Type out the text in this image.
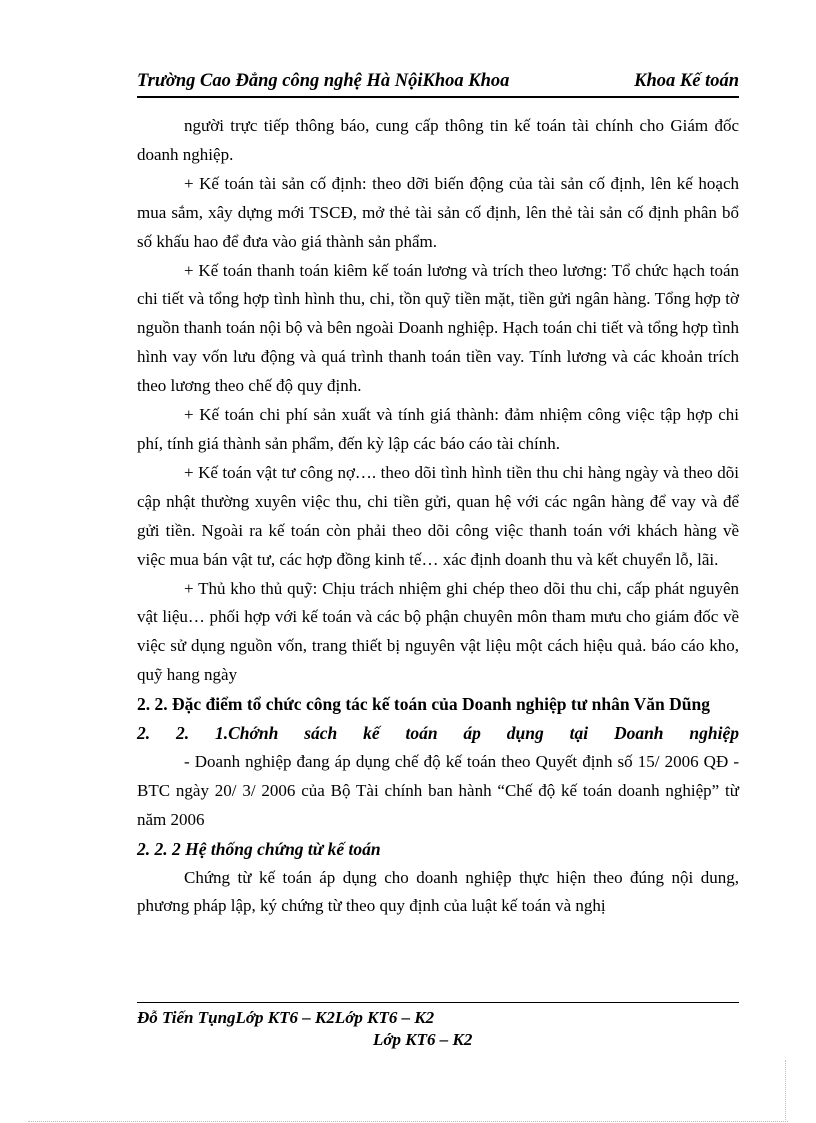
Trường Cao Đẳng công nghệ Hà NộiKhoa Khoa	Khoa Kế toán

người trực tiếp thông báo, cung cấp thông tin kế toán tài chính cho Giám đốc doanh nghiệp.

+ Kế toán tài sản cố định: theo dỡi biến động của tài sản cố định, lên kế hoạch mua sắm, xây dựng mới TSCĐ, mở thẻ tài sản cố định, lên thẻ tài sản cố định phân bổ số khấu hao để đưa vào giá thành sản phẩm.

+ Kế toán thanh toán kiêm kế toán lương và trích theo lương: Tổ chức hạch toán chi tiết và tổng hợp tình hình thu, chi, tồn quỹ tiền mặt, tiền gửi ngân hàng. Tổng hợp tờ nguồn thanh toán nội bộ và bên ngoài Doanh nghiệp. Hạch toán chi tiết và tổng hợp tình hình vay vốn lưu động và quá trình thanh toán tiền vay. Tính lương và các khoản trích theo lương theo chế độ quy định.

+ Kế toán chi phí sản xuất và tính giá thành: đảm nhiệm công việc tập hợp chi phí, tính giá thành sản phẩm, đến kỳ lập các báo cáo tài chính.

+ Kế toán vật tư công nợ…. theo dõi tình hình tiền thu chi hàng ngày và theo dõi cập nhật thường xuyên việc thu, chi tiền gửi, quan hệ với các ngân hàng để vay và để gửi tiền. Ngoài ra kế toán còn phải theo dõi công việc thanh toán với khách hàng về việc mua bán vật tư, các hợp đồng kinh tế… xác định doanh thu và kết chuyển lỗ, lãi.

+ Thủ kho thủ quỹ: Chịu trách nhiệm ghi chép theo dõi thu chi, cấp phát nguyên vật liệu… phối hợp với kế toán và các bộ phận chuyên môn tham mưu cho giám đốc về việc sử dụng nguồn vốn, trang thiết bị nguyên vật liệu một cách hiệu quả. báo cáo kho, quỹ hang ngày

2. 2. Đặc điểm tổ chức công tác kế toán của Doanh nghiệp tư nhân Văn Dũng

2. 2. 1.Chớnh sách kế toán áp dụng tại Doanh nghiệp

- Doanh nghiệp đang áp dụng chế độ kế toán theo Quyết định số 15/ 2006 QĐ - BTC ngày 20/ 3/ 2006 của Bộ Tài chính ban hành “Chế độ kế toán doanh nghiệp” từ năm 2006

2. 2. 2 Hệ thống chứng từ kế toán

Chứng từ kế toán áp dụng cho doanh nghiệp thực hiện theo đúng nội dung, phương pháp lập, ký chứng từ theo quy định của luật kế toán và nghị

Đỗ Tiến TụngLớp KT6 – K2Lớp KT6 – K2
Lớp KT6 – K2
